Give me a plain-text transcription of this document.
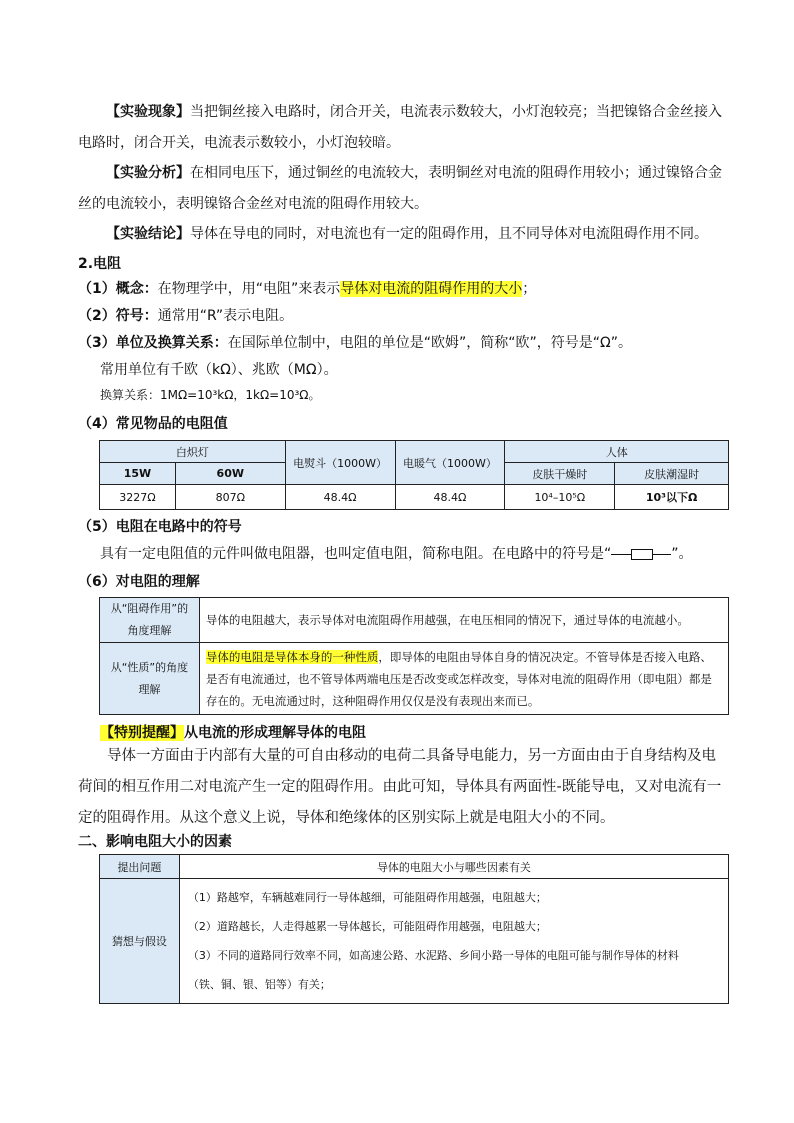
【实验现象】当把铜丝接入电路时，闭合开关，电流表示数较大，小灯泡较亮；当把镍铬合金丝接入电路时，闭合开关，电流表示数较小，小灯泡较暗。
【实验分析】在相同电压下，通过铜丝的电流较大，表明铜丝对电流的阻碍作用较小；通过镍铬合金丝的电流较小，表明镍铬合金丝对电流的阻碍作用较大。
【实验结论】导体在导电的同时，对电流也有一定的阻碍作用，且不同导体对电流阻碍作用不同。
2.电阻
（1）概念：在物理学中，用“电阻”来表示导体对电流的阻碍作用的大小；
（2）符号：通常用“R”表示电阻。
（3）单位及换算关系：在国际单位制中，电阻的单位是“欧姆”，简称“欧”，符号是“Ω”。
常用单位有千欧（kΩ）、兆欧（MΩ）。
换算关系：1MΩ=10³kΩ，1kΩ=10³Ω。
（4）常见物品的电阻值
白炽灯		电熨斗（1000W）	电暖气（1000W）	人体	
15W	60W			皮肤干燥时	皮肤潮湿时
3227Ω	807Ω	48.4Ω	48.4Ω	10⁴–10⁵Ω	10³以下Ω
（5）电阻在电路中的符号
具有一定电阻值的元件叫做电阻器，也叫定值电阻，简称电阻。在电路中的符号是“	”。
（6）对电阻的理解
从“阻碍作用”的角度理解	导体的电阻越大，表示导体对电流阻碍作用越强，在电压相同的情况下，通过导体的电流越小。
从“性质”的角度理解	导体的电阻是导体本身的一种性质，即导体的电阻由导体自身的情况决定。不管导体是否接入电路、是否有电流通过，也不管导体两端电压是否改变或怎样改变，导体对电流的阻碍作用（即电阻）都是存在的。无电流通过时，这种阻碍作用仅仅是没有表现出来而已。
【特别提醒】从电流的形成理解导体的电阻
导体一方面由于内部有大量的可自由移动的电荷二具备导电能力，另一方面由由于自身结构及电荷间的相互作用二对电流产生一定的阻碍作用。由此可知，导体具有两面性-既能导电，又对电流有一定的阻碍作用。从这个意义上说，导体和绝缘体的区别实际上就是电阻大小的不同。
二、影响电阻大小的因素
提出问题	导体的电阻大小与哪些因素有关
猜想与假设	（1）路越窄，车辆越难同行一导体越细，可能阻碍作用越强，电阻越大；
（2）道路越长，人走得越累一导体越长，可能阻碍作用越强，电阻越大；
（3）不同的道路同行效率不同，如高速公路、水泥路、乡间小路一导体的电阻可能与制作导体的材料
（铁、铜、银、铝等）有关；
